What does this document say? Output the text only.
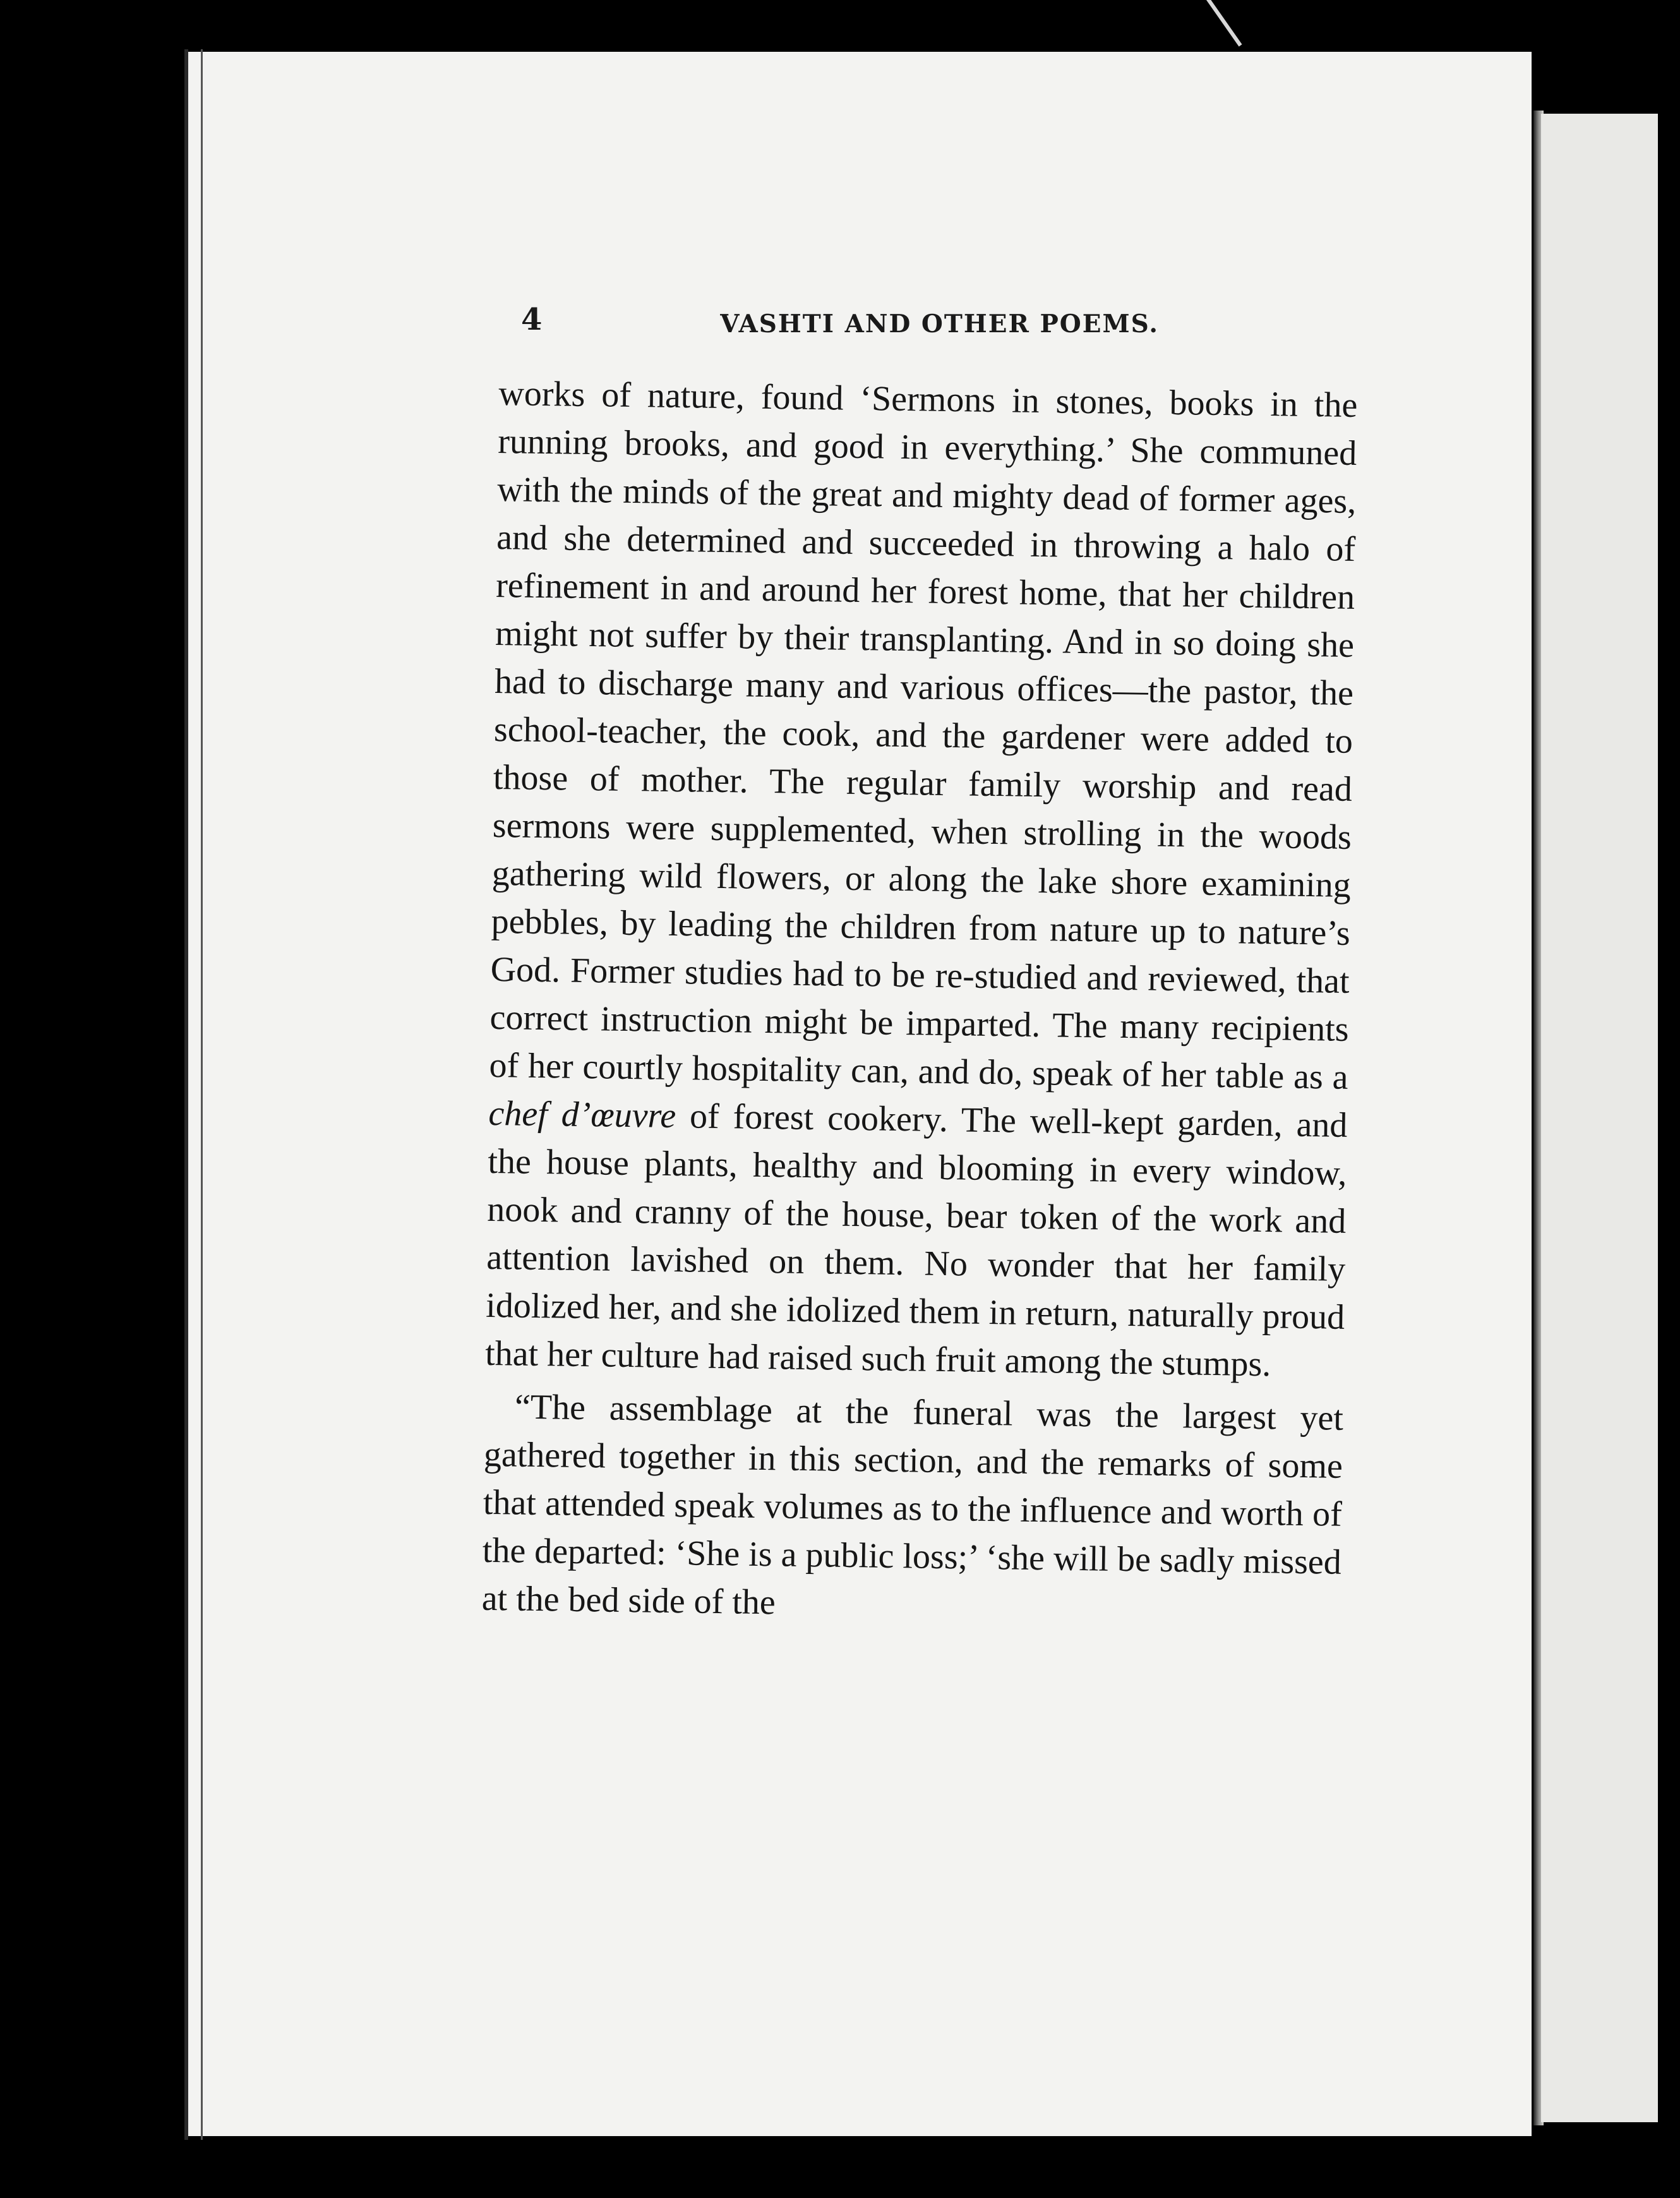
4	VASHTI AND OTHER POEMS.

works of nature, found ‘Sermons in stones, books in the running brooks, and good in everything.’ She communed with the minds of the great and mighty dead of former ages, and she determined and succeeded in throwing a halo of refinement in and around her forest home, that her children might not suffer by their transplanting. And in so doing she had to discharge many and various offices—the pastor, the school-teacher, the cook, and the gardener were added to those of mother. The regular family worship and read sermons were supplemented, when strolling in the woods gathering wild flowers, or along the lake shore examining pebbles, by leading the children from nature up to nature’s God. Former studies had to be re-studied and reviewed, that correct instruction might be imparted. The many recipients of her courtly hospitality can, and do, speak of her table as a chef d’œuvre of forest cookery. The well-kept garden, and the house plants, healthy and blooming in every window, nook and cranny of the house, bear token of the work and attention lavished on them. No wonder that her family idolized her, and she idolized them in return, naturally proud that her culture had raised such fruit among the stumps.

“The assemblage at the funeral was the largest yet gathered together in this section, and the remarks of some that attended speak volumes as to the influence and worth of the departed: ‘She is a public loss;’ ‘she will be sadly missed at the bed side of the
